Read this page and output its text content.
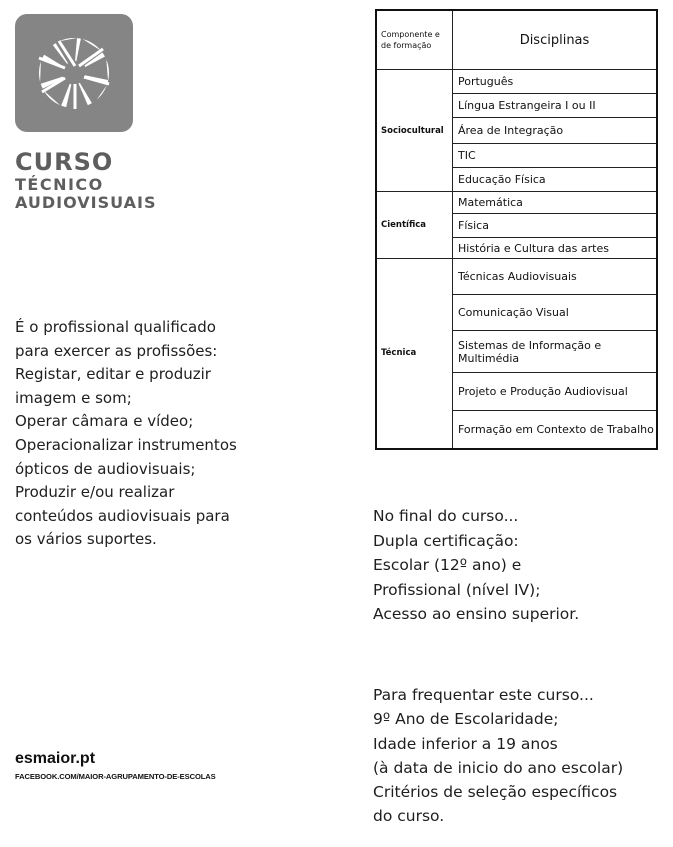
CURSO
TÉCNICO
AUDIOVISUAIS
É o profissional qualificado
para exercer as profissões:
Registar, editar e produzir
imagem e som;
Operar câmara e vídeo;
Operacionalizar instrumentos
ópticos de audiovisuais;
Produzir e/ou realizar
conteúdos audiovisuais para
os vários suportes.
esmaior.pt
FACEBOOK.COM/MAIOR-AGRUPAMENTO-DE-ESCOLAS
Componente e de formação	Disciplinas
Sociocultural	Português
	Língua Estrangeira I ou II
	Área de Integração
	TIC
	Educação Física
Científica	Matemática
	Física
	História e Cultura das artes
Técnica	Técnicas Audiovisuais
	Comunicação Visual
	Sistemas de Informação e Multimédia
	Projeto e Produção Audiovisual
	Formação em Contexto de Trabalho
No final do curso...
Dupla certificação:
Escolar (12º ano) e
Profissional (nível IV);
Acesso ao ensino superior.
Para frequentar este curso...
9º Ano de Escolaridade;
Idade inferior a 19 anos
(à data de inicio do ano escolar)
Critérios de seleção específicos
do curso.
